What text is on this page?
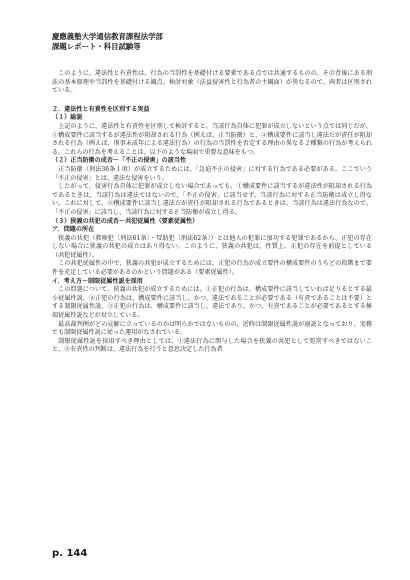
慶應義塾大学通信教育課程法学部
課題レポート・科目試験等

このように、違法性と有責性は、行為の当罰性を基礎付ける要素である点では共通するものの、その背後にある刑法の基本原理や当罰性を基礎付ける観点、検討対象（法益侵害性と行為者の主観面）が異なるので、両者は区別されている。

２．違法性と有責性を区別する実益
（１）総説

上記のように、違法性と有責性を区別して検討すると、当該行為自体に犯罪が成立しないという点では同じだが、①構成要件に該当するが違法性が阻却される行為（例えば、正当防衛）と、②構成要件に該当し違法だが責任が阻却される行為（例えば、刑事未成年による違法行為）の行為の当罰性を否定する理由の異なる２種類の行為が考えられる。これらの行為を考えることは、以下のような場面で重要な意味をもつ。

（２）正当防衛の成否－「不正の侵害」の該当性

正当防衛（刑法36条１項）が成立するためには、「急迫不正の侵害」に対する行為である必要がある。ここでいう「不正の侵害」とは、違法な侵害をいう。

したがって、侵害行為自体に犯罪が成立しない場合であっても、①構成要件に該当するが違法性が阻却される行為であるときは、当該行為は違法ではないので、「不正の侵害」に該当せず、当該行為に対する正当防衛は成立し得ない。これに対して、②構成要件に該当し違法だが責任が阻却される行為であるときは、当該行為は違法行為なので、「不正の侵害」に該当し、当該行為に対する正当防衛が成立し得る。

（３）狭義の共犯の成否－共犯従属性（要素従属性）
ア．問題の所在

狭義の共犯（教唆犯〔刑法61条〕・幇助犯〔刑法62条〕）とは他人の犯罪に加功する犯罪であるから、正犯の存在しない場合に狭義の共犯の成立はあり得ない。このように、狭義の共犯は、性質上、正犯の存在を前提としている（共犯従属性）。

この共犯従属性の中で、狭義の共犯が成立するためには、正犯の行為が成立要件の構成要件のうちどの段階まで要件を充足している必要があるのかという問題がある（要素従属性）。

イ．考え方－制限従属性説を採用

この問題について、狭義の共犯が成立するためには、①正犯の行為は、構成要件に該当していれば足りるとする最小従属性説、②正犯の行為は、構成要件に該当し、かつ、違法であることが必要である（有責であることは不要）とする制限従属性説、③正犯の行為は、構成要件に該当し、違法であり、かつ、有責であることが必要であるとする極端従属性説などが対立している。

最高裁判例がどの見解に立っているのかは明らかではないものの、近時は制限従属性説が通説となっており、実務でも制限従属性説に従った運用がなされている。

制限従属性説を採用すべき理由としては、①違法行為に関与した場合を狭義の共犯として処罰すべきではないこと、②有責性の判断は、違法行為を行うと意思決定した行為者

p. 144
